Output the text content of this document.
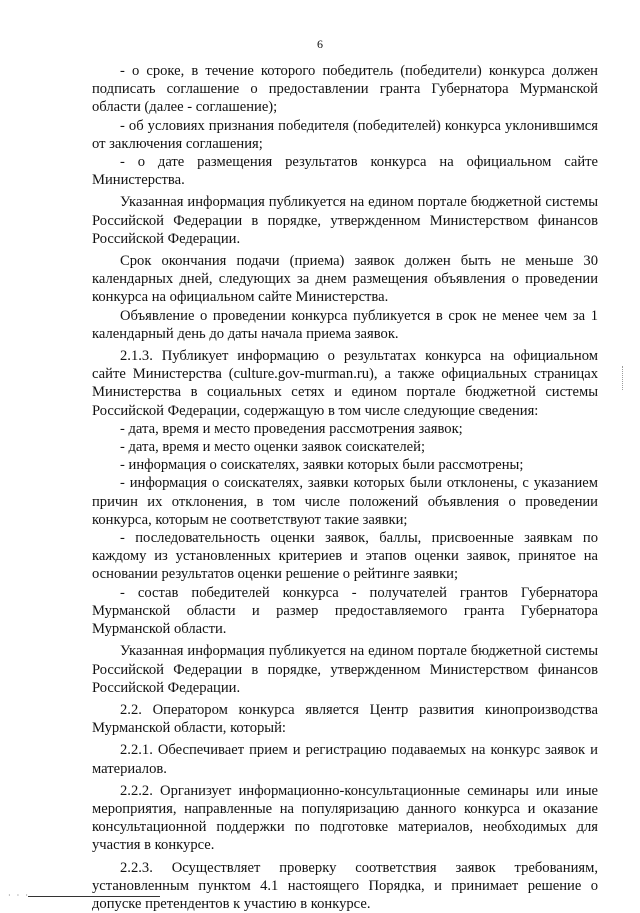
6

- о сроке, в течение которого победитель (победители) конкурса должен подписать соглашение о предоставлении гранта Губернатора Мурманской области (далее - соглашение);

- об условиях признания победителя (победителей) конкурса уклонившимся от заключения соглашения;

- о дате размещения результатов конкурса на официальном сайте Министерства.

Указанная информация публикуется на едином портале бюджетной системы Российской Федерации в порядке, утвержденном Министерством финансов Российской Федерации.

Срок окончания подачи (приема) заявок должен быть не меньше 30 календарных дней, следующих за днем размещения объявления о проведении конкурса на официальном сайте Министерства.

Объявление о проведении конкурса публикуется в срок не менее чем за 1 календарный день до даты начала приема заявок.

2.1.3. Публикует информацию о результатах конкурса на официальном сайте Министерства (culture.gov-murman.ru), а также официальных страницах Министерства в социальных сетях и едином портале бюджетной системы Российской Федерации, содержащую в том числе следующие сведения:

- дата, время и место проведения рассмотрения заявок;

- дата, время и место оценки заявок соискателей;

- информация о соискателях, заявки которых были рассмотрены;

- информация о соискателях, заявки которых были отклонены, с указанием причин их отклонения, в том числе положений объявления о проведении конкурса, которым не соответствуют такие заявки;

- последовательность оценки заявок, баллы, присвоенные заявкам по каждому из установленных критериев и этапов оценки заявок, принятое на основании результатов оценки решение о рейтинге заявки;

- состав победителей конкурса - получателей грантов Губернатора Мурманской области и размер предоставляемого гранта Губернатора Мурманской области.

Указанная информация публикуется на едином портале бюджетной системы Российской Федерации в порядке, утвержденном Министерством финансов Российской Федерации.

2.2. Оператором конкурса является Центр развития кинопроизводства Мурманской области, который:

2.2.1. Обеспечивает прием и регистрацию подаваемых на конкурс заявок и материалов.

2.2.2. Организует информационно-консультационные семинары или иные мероприятия, направленные на популяризацию данного конкурса и оказание консультационной поддержки по подготовке материалов, необходимых для участия в конкурсе.

2.2.3. Осуществляет проверку соответствия заявок требованиям, установленным пунктом 4.1 настоящего Порядка, и принимает решение о допуске претендентов к участию в конкурсе.

· · ·
